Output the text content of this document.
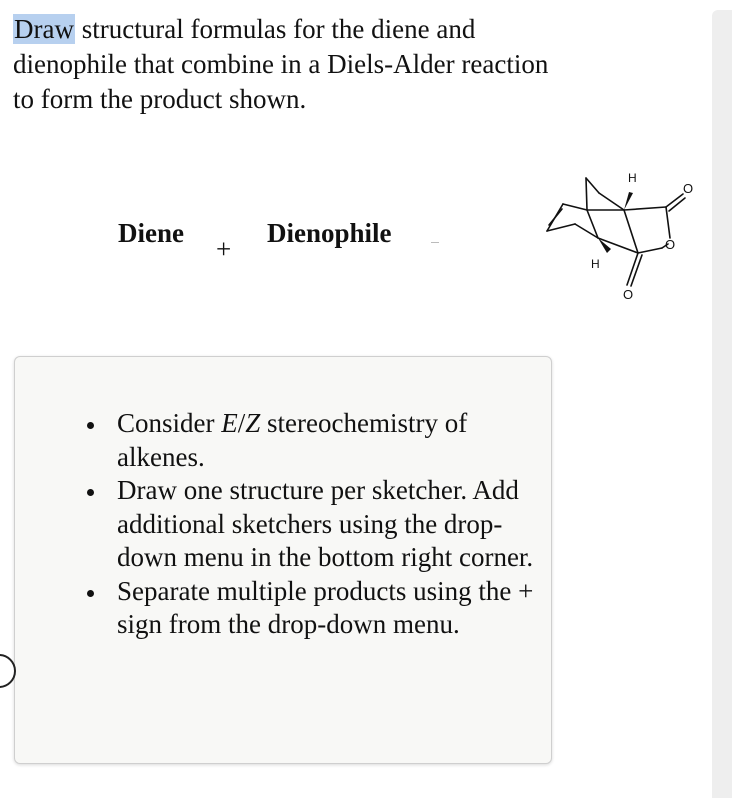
Draw structural formulas for the diene and dienophile that combine in a Diels-Alder reaction to form the product shown.

Diene
+
Dienophile
H
H
O
O
O
Consider E/Z stereochemistry of alkenes.
Draw one structure per sketcher. Add additional sketchers using the drop-down menu in the bottom right corner.
Separate multiple products using the + sign from the drop-down menu.
